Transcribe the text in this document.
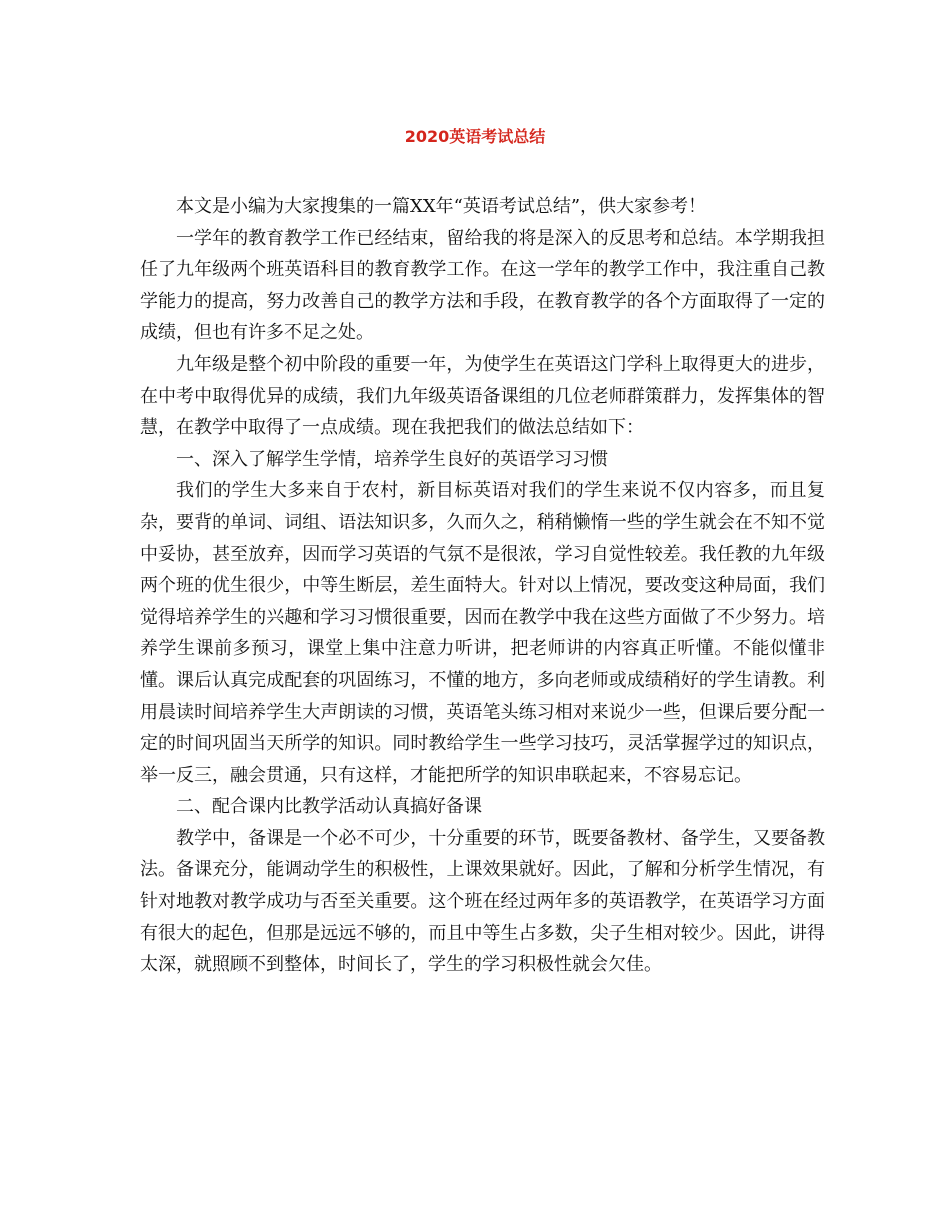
2020英语考试总结

本文是小编为大家搜集的一篇XX年“英语考试总结”，供大家参考！

一学年的教育教学工作已经结束，留给我的将是深入的反思考和总结。本学期我担任了九年级两个班英语科目的教育教学工作。在这一学年的教学工作中，我注重自己教学能力的提高，努力改善自己的教学方法和手段，在教育教学的各个方面取得了一定的成绩，但也有许多不足之处。

九年级是整个初中阶段的重要一年，为使学生在英语这门学科上取得更大的进步，在中考中取得优异的成绩，我们九年级英语备课组的几位老师群策群力，发挥集体的智慧，在教学中取得了一点成绩。现在我把我们的做法总结如下：

一、深入了解学生学情，培养学生良好的英语学习习惯

我们的学生大多来自于农村，新目标英语对我们的学生来说不仅内容多，而且复杂，要背的单词、词组、语法知识多，久而久之，稍稍懒惰一些的学生就会在不知不觉中妥协，甚至放弃，因而学习英语的气氛不是很浓，学习自觉性较差。我任教的九年级两个班的优生很少，中等生断层，差生面特大。针对以上情况，要改变这种局面，我们觉得培养学生的兴趣和学习习惯很重要，因而在教学中我在这些方面做了不少努力。培养学生课前多预习，课堂上集中注意力听讲，把老师讲的内容真正听懂。不能似懂非懂。课后认真完成配套的巩固练习，不懂的地方，多向老师或成绩稍好的学生请教。利用晨读时间培养学生大声朗读的习惯，英语笔头练习相对来说少一些，但课后要分配一定的时间巩固当天所学的知识。同时教给学生一些学习技巧，灵活掌握学过的知识点，举一反三，融会贯通，只有这样，才能把所学的知识串联起来，不容易忘记。

二、配合课内比教学活动认真搞好备课

教学中，备课是一个必不可少，十分重要的环节，既要备教材、备学生，又要备教法。备课充分，能调动学生的积极性，上课效果就好。因此，了解和分析学生情况，有针对地教对教学成功与否至关重要。这个班在经过两年多的英语教学，在英语学习方面有很大的起色，但那是远远不够的，而且中等生占多数，尖子生相对较少。因此，讲得太深，就照顾不到整体，时间长了，学生的学习积极性就会欠佳。
